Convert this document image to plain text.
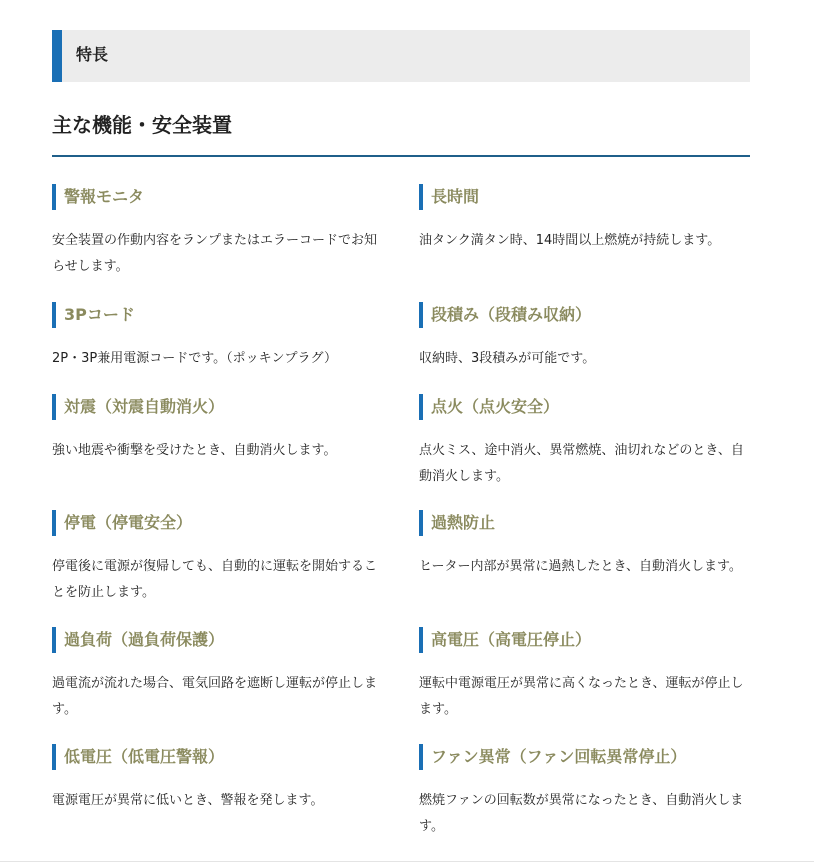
特長
主な機能・安全装置
警報モニタ
安全装置の作動内容をランプまたはエラーコードでお知らせします。
長時間
油タンク満タン時、14時間以上燃焼が持続します。
3Pコード
2P・3P兼用電源コードです。（ポッキンプラグ）
段積み（段積み収納）
収納時、3段積みが可能です。
対震（対震自動消火）
強い地震や衝撃を受けたとき、自動消火します。
点火（点火安全）
点火ミス、途中消火、異常燃焼、油切れなどのとき、自動消火します。
停電（停電安全）
停電後に電源が復帰しても、自動的に運転を開始することを防止します。
過熱防止
ヒーター内部が異常に過熱したとき、自動消火します。
過負荷（過負荷保護）
過電流が流れた場合、電気回路を遮断し運転が停止します。
高電圧（高電圧停止）
運転中電源電圧が異常に高くなったとき、運転が停止します。
低電圧（低電圧警報）
電源電圧が異常に低いとき、警報を発します。
ファン異常（ファン回転異常停止）
燃焼ファンの回転数が異常になったとき、自動消火します。
